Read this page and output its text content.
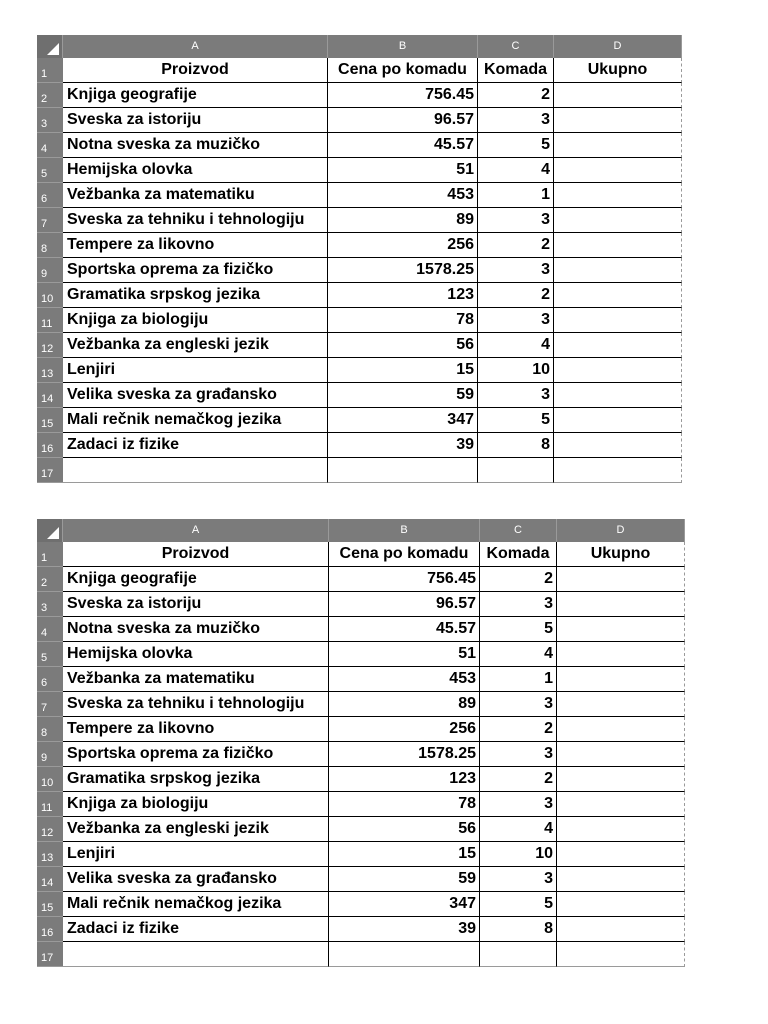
A	B	C	D
1	Proizvod	Cena po komadu	Komada	Ukupno
2	Knjiga geografije	756.45	2
3	Sveska za istoriju	96.57	3
4	Notna sveska za muzičko	45.57	5
5	Hemijska olovka	51	4
6	Vežbanka za matematiku	453	1
7	Sveska za tehniku i tehnologiju	89	3
8	Tempere za likovno	256	2
9	Sportska oprema za fizičko	1578.25	3
10 Gramatika srpskog jezika	123	2
11 Knjiga za biologiju	78	3
12 Vežbanka za engleski jezik	56	4
13 Lenjiri	15	10
14 Velika sveska za građansko	59	3
15 Mali rečnik nemačkog jezika	347	5
16 Zadaci iz fizike	39	8
17
A	B	C	D
1	Proizvod	Cena po komadu	Komada	Ukupno
2	Knjiga geografije	756.45	2
3	Sveska za istoriju	96.57	3
4	Notna sveska za muzičko	45.57	5
5	Hemijska olovka	51	4
6	Vežbanka za matematiku	453	1
7	Sveska za tehniku i tehnologiju	89	3
8	Tempere za likovno	256	2
9	Sportska oprema za fizičko	1578.25	3
10 Gramatika srpskog jezika	123	2
11 Knjiga za biologiju	78	3
12 Vežbanka za engleski jezik	56	4
13 Lenjiri	15	10
14 Velika sveska za građansko	59	3
15 Mali rečnik nemačkog jezika	347	5
16 Zadaci iz fizike	39	8
17
